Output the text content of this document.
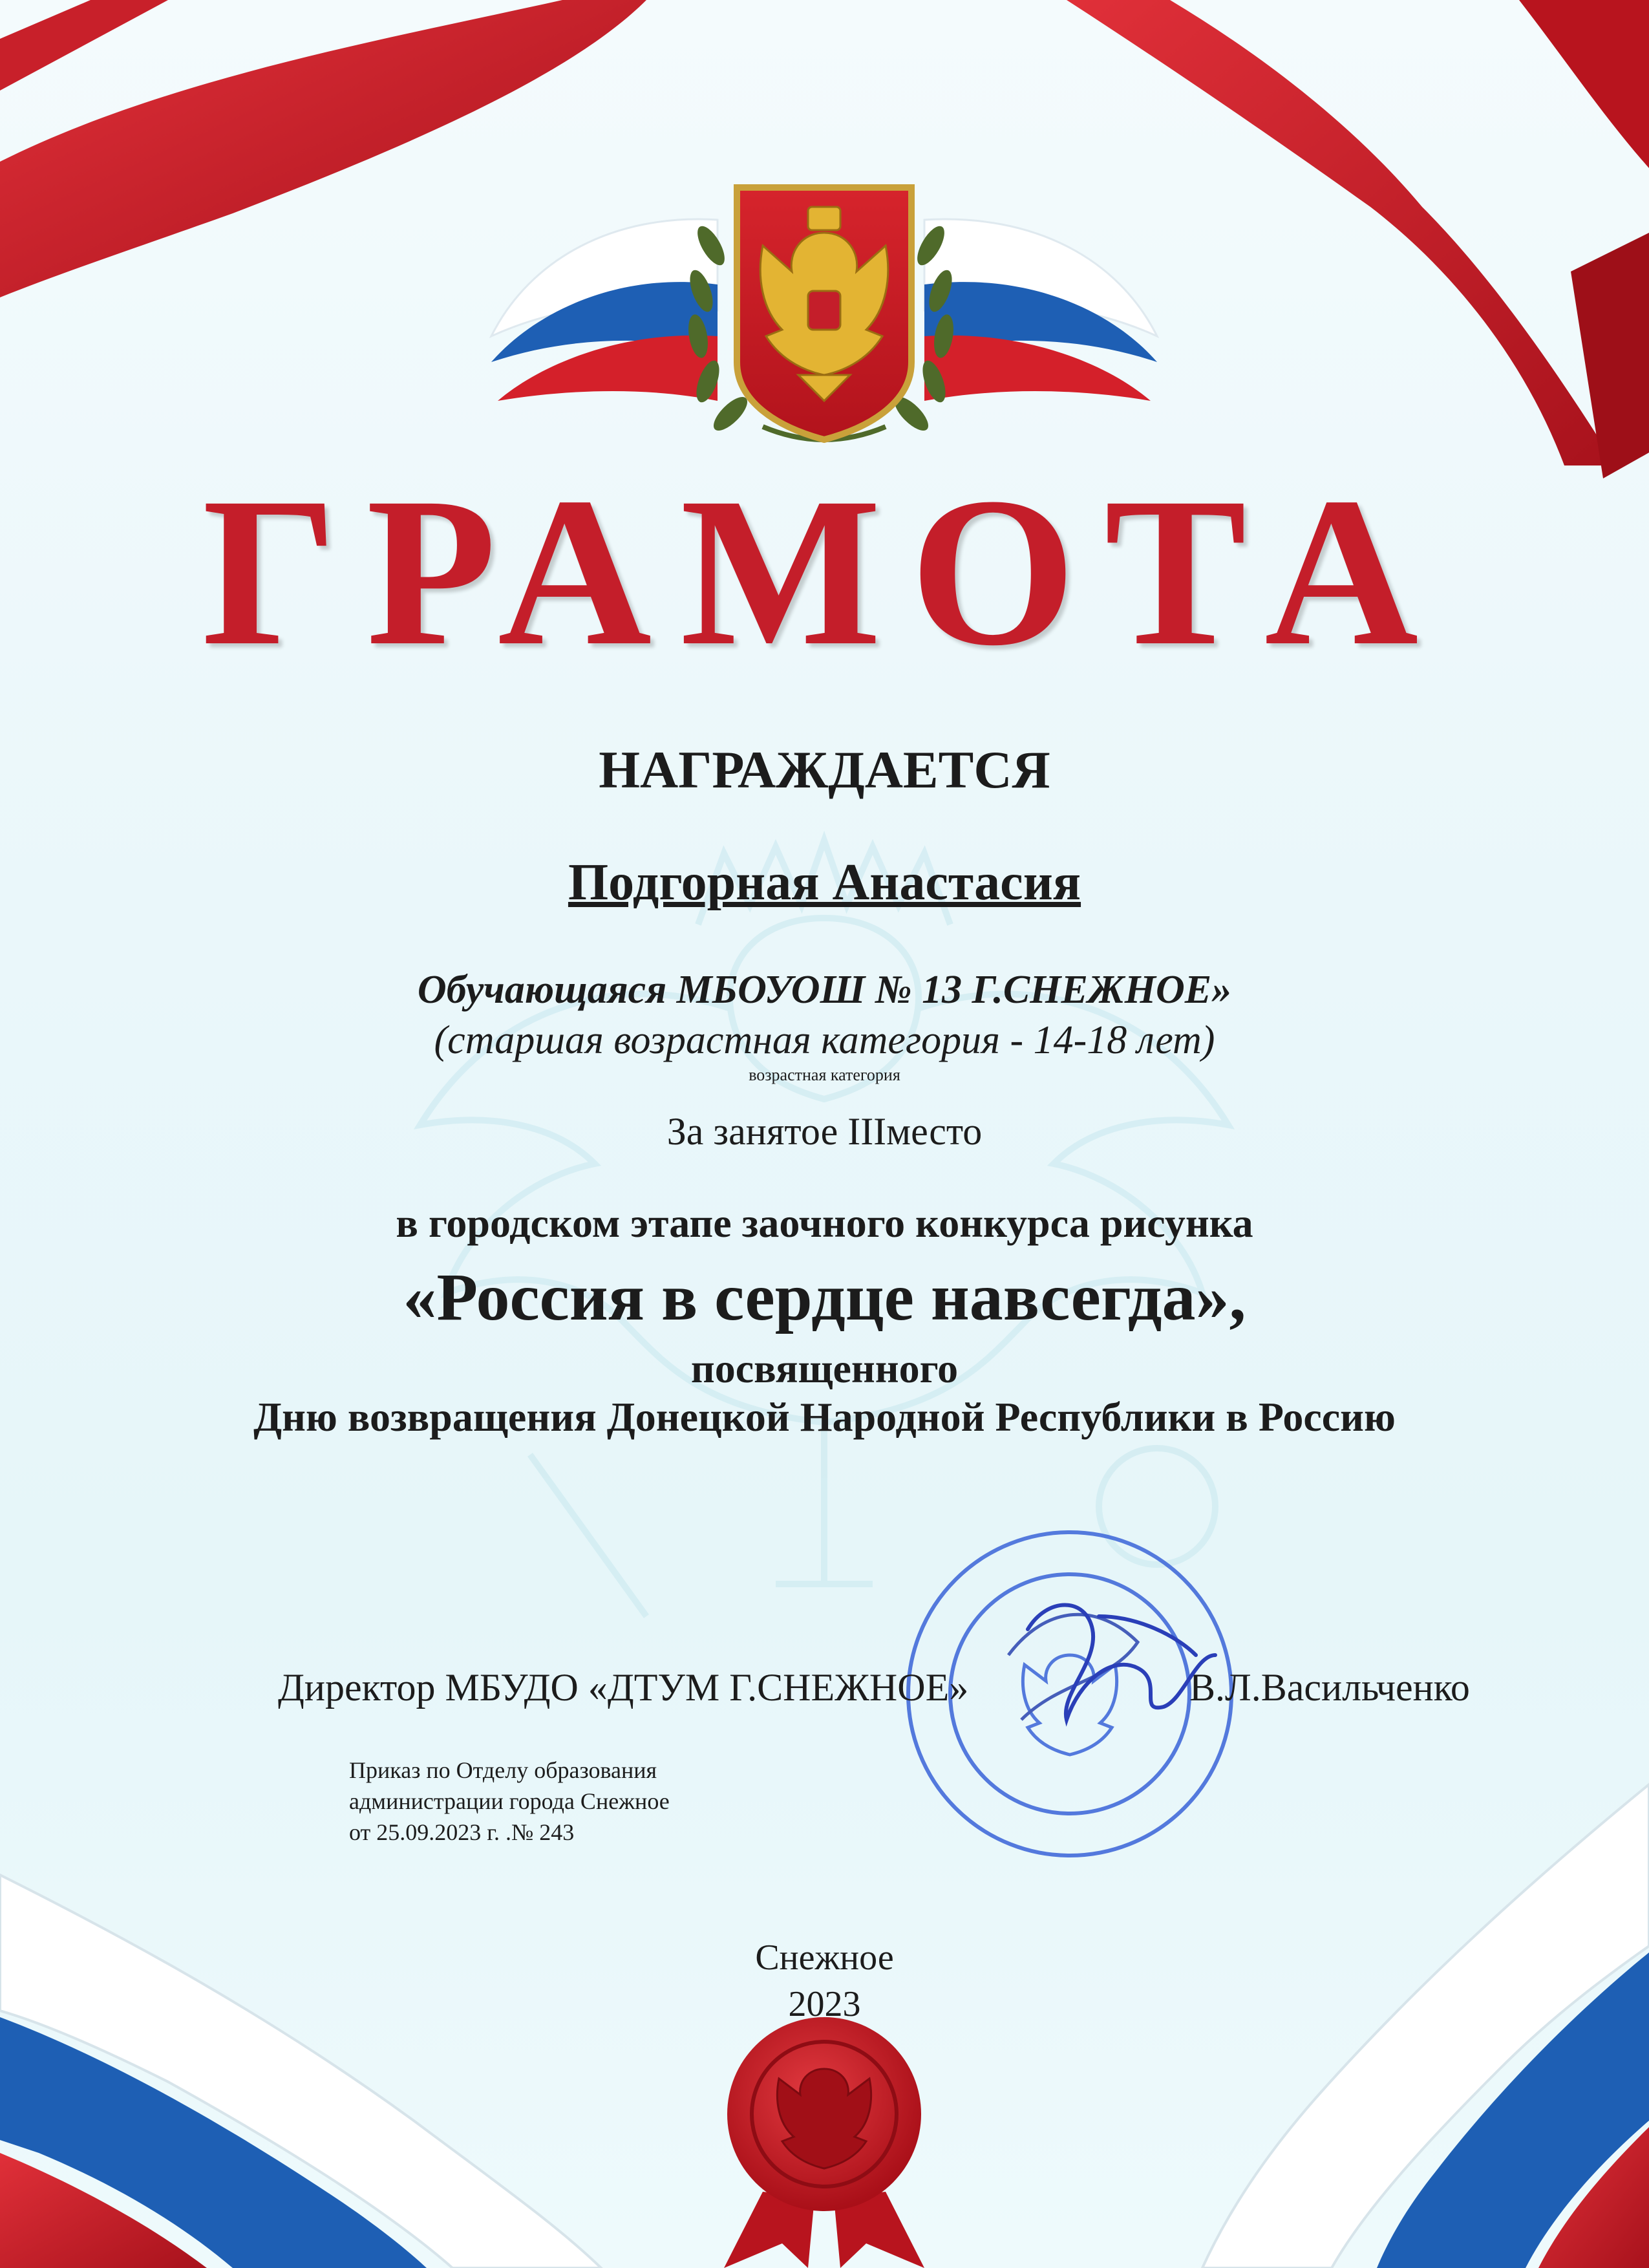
ГРАМОТА
НАГРАЖДАЕТСЯ
Подгорная Анастасия
Обучающаяся МБОУОШ № 13 Г.СНЕЖНОЕ»
(старшая возрастная категория - 14-18 лет)
возрастная категория
За занятое IIIместо
в городском этапе заочного конкурса рисунка
«Россия в сердце навсегда»,
посвященного
Дню возвращения Донецкой Народной Республики в Россию
Директор МБУДО «ДТУМ Г.СНЕЖНОЕ»	В.Л.Васильченко
Приказ по Отделу образования
администрации города Снежное
от 25.09.2023 г. .№ 243
Снежное
2023
